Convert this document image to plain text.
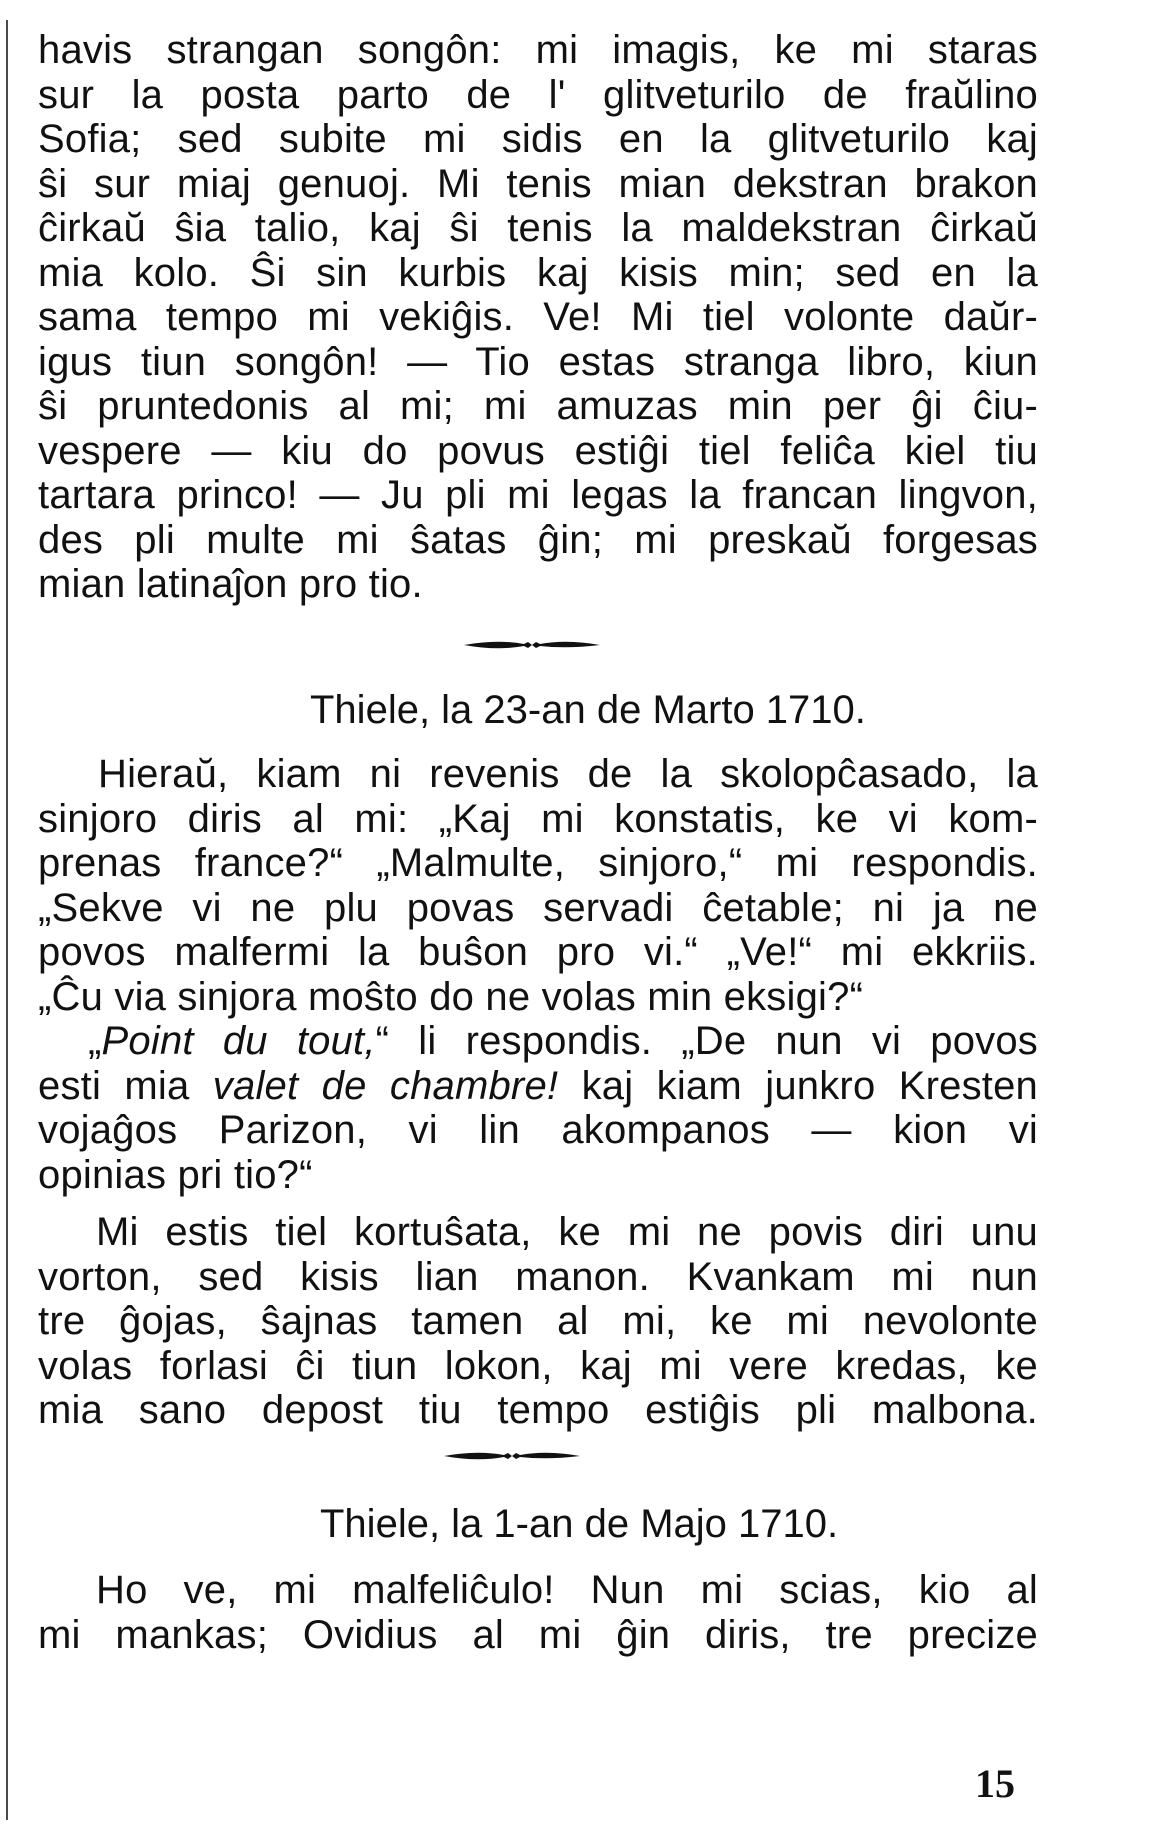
havis strangan songôn: mi imagis, ke mi staras
sur la posta parto de l' glitveturilo de fraŭlino
Sofia; sed subite mi sidis en la glitveturilo kaj
ŝi sur miaj genuoj. Mi tenis mian dekstran brakon
ĉirkaŭ ŝia talio, kaj ŝi tenis la maldekstran ĉirkaŭ
mia kolo. Ŝi sin kurbis kaj kisis min; sed en la
sama tempo mi vekiĝis. Ve! Mi tiel volonte daŭr-
igus tiun songôn! — Tio estas stranga libro, kiun
ŝi pruntedonis al mi; mi amuzas min per ĝi ĉiu-
vespere — kiu do povus estiĝi tiel feliĉa kiel tiu
tartara princo! — Ju pli mi legas la francan lingvon,
des pli multe mi ŝatas ĝin; mi preskaŭ forgesas
mian latinaĵon pro tio.
Thiele, la 23-an de Marto 1710.
Hieraŭ, kiam ni revenis de la skolopĉasado, la
sinjoro diris al mi: „Kaj mi konstatis, ke vi kom-
prenas france?“ „Malmulte, sinjoro,“ mi respondis.
„Sekve vi ne plu povas servadi ĉetable; ni ja ne
povos malfermi la buŝon pro vi.“ „Ve!“ mi ekkriis.
„Ĉu via sinjora moŝto do ne volas min eksigi?“
„Point du tout,“ li respondis. „De nun vi povos
esti mia valet de chambre! kaj kiam junkro Kresten
vojaĝos Parizon, vi lin akompanos — kion vi
opinias pri tio?“
Mi estis tiel kortuŝata, ke mi ne povis diri unu
vorton, sed kisis lian manon. Kvankam mi nun
tre ĝojas, ŝajnas tamen al mi, ke mi nevolonte
volas forlasi ĉi tiun lokon, kaj mi vere kredas, ke
mia sano depost tiu tempo estiĝis pli malbona.
Thiele, la 1-an de Majo 1710.
Ho ve, mi malfeliĉulo! Nun mi scias, kio al
mi mankas; Ovidius al mi ĝin diris, tre precize
15
